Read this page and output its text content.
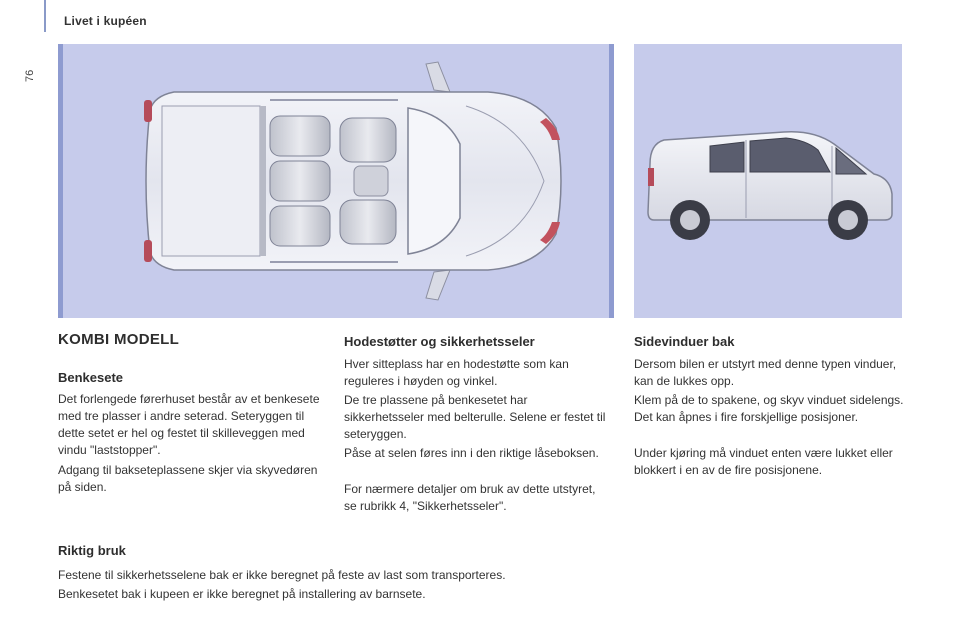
Livet i kupéen
76
KOMBI MODELL
Benkesete

Det forlengede førerhuset består av et benkesete med tre plasser i andre seterad. Seteryggen til dette setet er hel og festet til skilleveggen med vindu "laststopper".

Adgang til bakseteplassene skjer via skyvedøren på siden.

Hodestøtter og sikkerhetsseler

Hver sitteplass har en hodestøtte som kan reguleres i høyden og vinkel.

De tre plassene på benkesetet har sikkerhetsseler med belterulle. Selene er festet til seteryggen.

Påse at selen føres inn i den riktige låseboksen.

For nærmere detaljer om bruk av dette utstyret, se rubrikk 4, "Sikkerhetsseler".

Sidevinduer bak

Dersom bilen er utstyrt med denne typen vinduer, kan de lukkes opp.

Klem på de to spakene, og skyv vinduet sidelengs. Det kan åpnes i fire forskjellige posisjoner.

Under kjøring må vinduet enten være lukket eller blokkert i en av de fire posisjonene.

Riktig bruk

Festene til sikkerhetsselene bak er ikke beregnet på feste av last som transporteres.

Benkesetet bak i kupeen er ikke beregnet på installering av barnsete.
